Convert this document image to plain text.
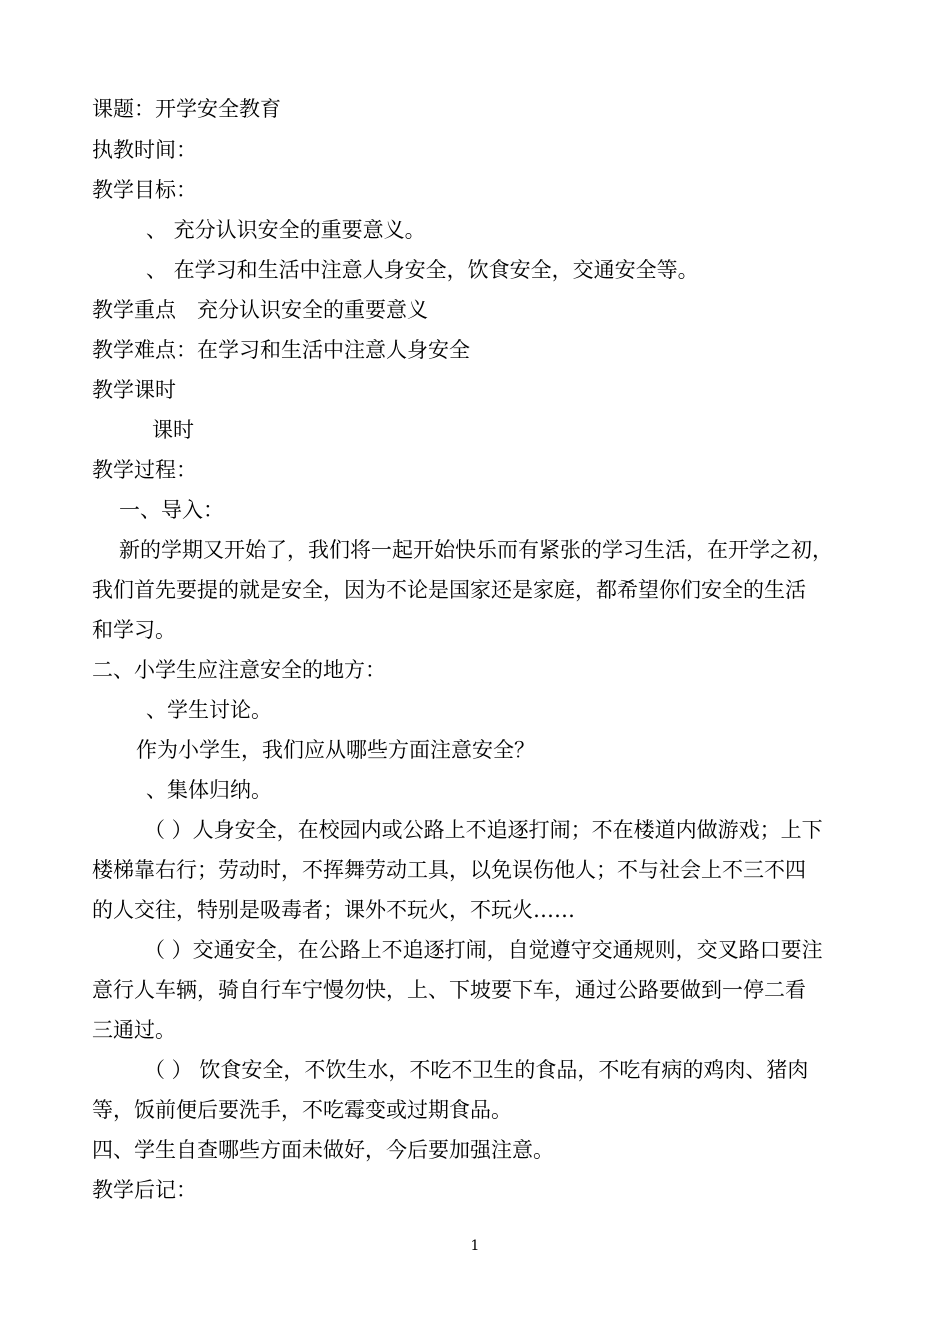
课题：开学安全教育
执教时间：
教学目标：
、 充分认识安全的重要意义。
、 在学习和生活中注意人身安全，饮食安全，交通安全等。
教学重点　充分认识安全的重要意义
教学难点：在学习和生活中注意人身安全
教学课时
课时
教学过程：
一、导入：
新的学期又开始了，我们将一起开始快乐而有紧张的学习生活，在开学之初，
我们首先要提的就是安全，因为不论是国家还是家庭，都希望你们安全的生活
和学习。
二、小学生应注意安全的地方：
、学生讨论。
作为小学生，我们应从哪些方面注意安全？
、集体归纳。
（ ）人身安全，在校园内或公路上不追逐打闹；不在楼道内做游戏；上下
楼梯靠右行；劳动时，不挥舞劳动工具，以免误伤他人；不与社会上不三不四
的人交往，特别是吸毒者；课外不玩火，不玩火……
（ ）交通安全，在公路上不追逐打闹，自觉遵守交通规则，交叉路口要注
意行人车辆，骑自行车宁慢勿快，上、下坡要下车，通过公路要做到一停二看
三通过。
（ ） 饮食安全，不饮生水，不吃不卫生的食品，不吃有病的鸡肉、猪肉
等，饭前便后要洗手，不吃霉变或过期食品。
四、学生自查哪些方面未做好，今后要加强注意。
教学后记：
1
